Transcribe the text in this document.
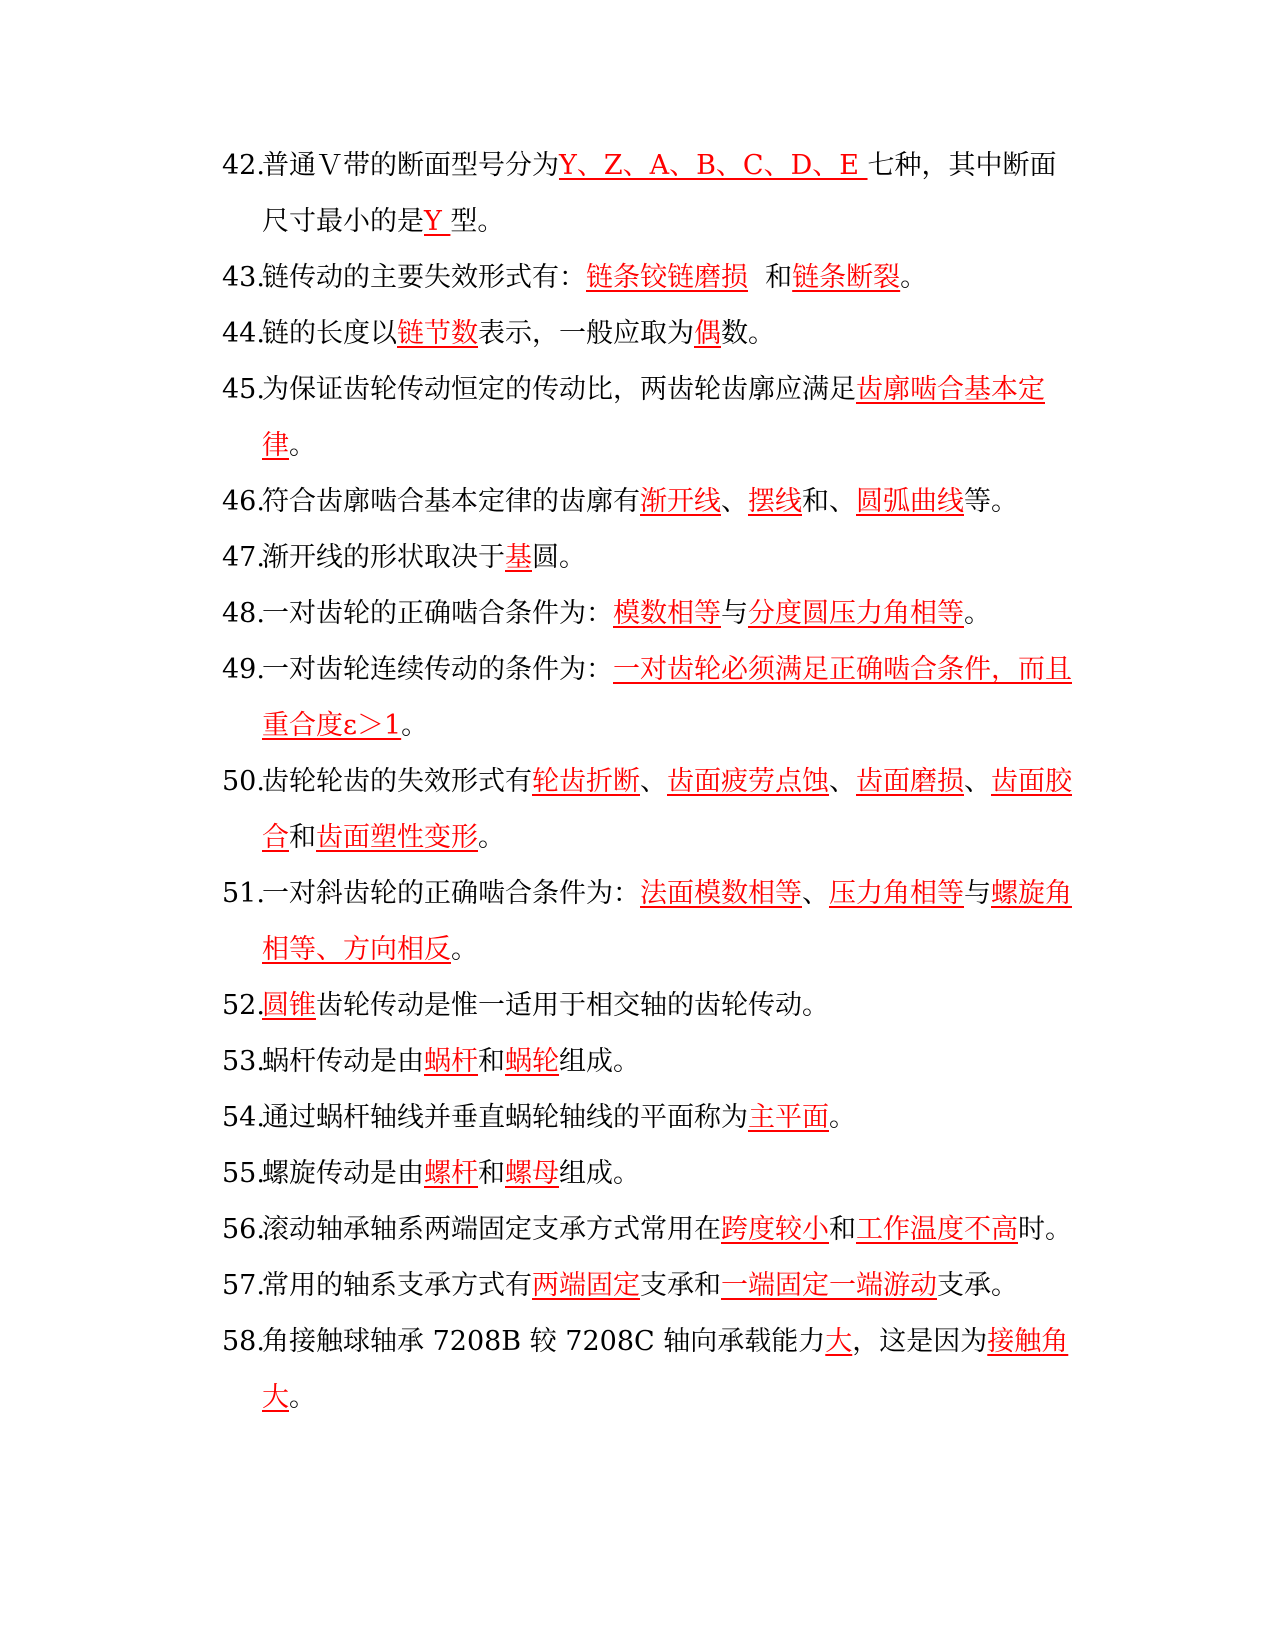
42.
普通Ｖ带的断面型号分为Y、Z、A、B、C、D、E 七种，其中断面尺寸最小的是Y 型。

43.
链传动的主要失效形式有：链条铰链磨损  和链条断裂。

44.
链的长度以链节数表示，一般应取为偶数。

45.
为保证齿轮传动恒定的传动比，两齿轮齿廓应满足齿廓啮合基本定律。

46.
符合齿廓啮合基本定律的齿廓有渐开线、摆线和、圆弧曲线等。

47.
渐开线的形状取决于基圆。

48.
一对齿轮的正确啮合条件为：模数相等与分度圆压力角相等。

49.
一对齿轮连续传动的条件为：一对齿轮必须满足正确啮合条件，而且重合度ε＞1。

50.
齿轮轮齿的失效形式有轮齿折断、齿面疲劳点蚀、齿面磨损、齿面胶合和齿面塑性变形。

51.
一对斜齿轮的正确啮合条件为：法面模数相等、压力角相等与螺旋角相等、方向相反。

52.
圆锥齿轮传动是惟一适用于相交轴的齿轮传动。

53.
蜗杆传动是由蜗杆和蜗轮组成。

54.
通过蜗杆轴线并垂直蜗轮轴线的平面称为主平面。

55.
螺旋传动是由螺杆和螺母组成。

56.
滚动轴承轴系两端固定支承方式常用在跨度较小和工作温度不高时。

57.
常用的轴系支承方式有两端固定支承和一端固定一端游动支承。

58.
角接触球轴承 7208B 较 7208C 轴向承载能力大，这是因为接触角大。
